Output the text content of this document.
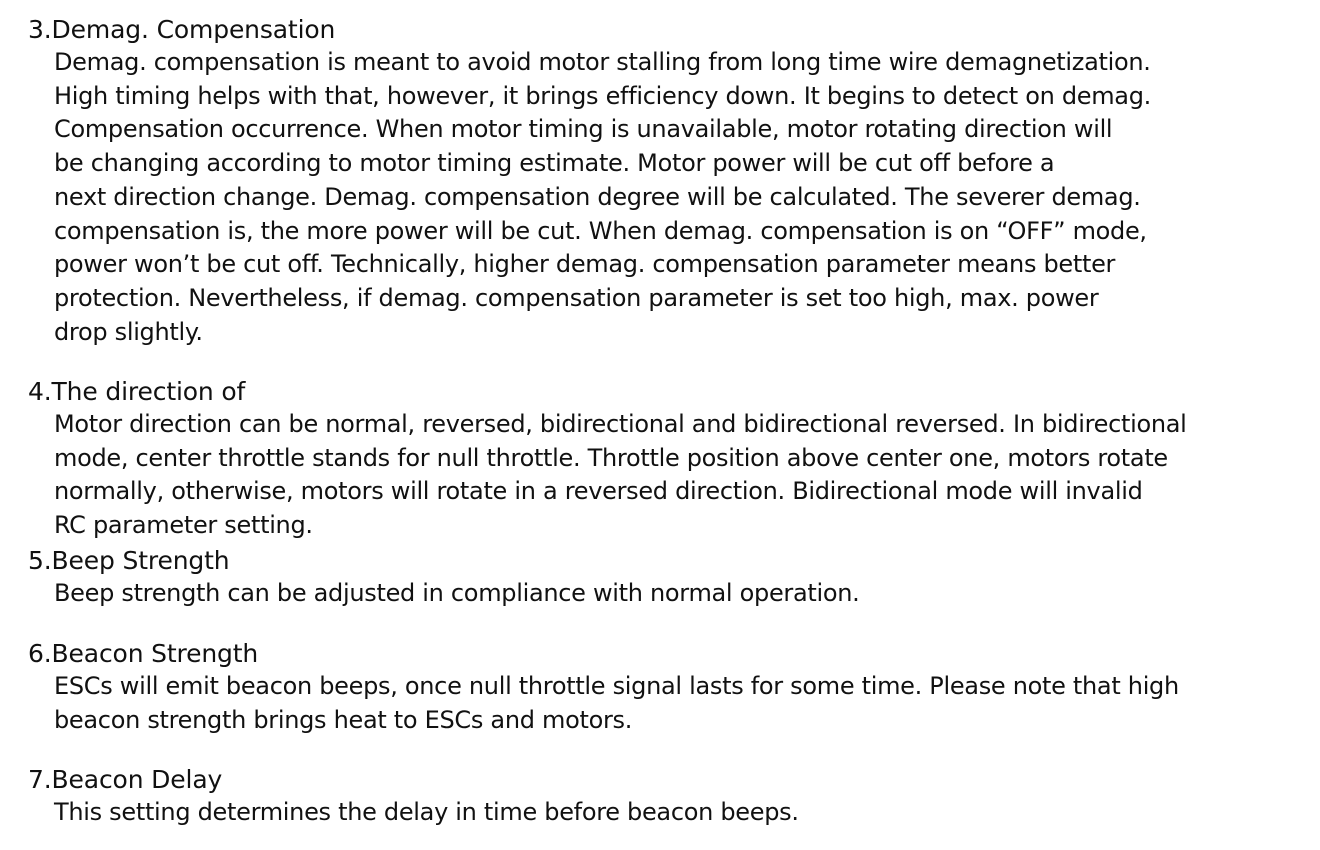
3.Demag. Compensation

Demag. compensation is meant to avoid motor stalling from long time wire demagnetization.

High timing helps with that, however, it brings efficiency down. It begins to detect on demag.

Compensation occurrence. When motor timing is unavailable, motor rotating direction will

be changing according to motor timing estimate. Motor power will be cut off before a

next direction change. Demag. compensation degree will be calculated. The severer demag.

compensation is, the more power will be cut. When demag. compensation is on “OFF” mode,

power won’t be cut off. Technically, higher demag. compensation parameter means better

protection. Nevertheless, if demag. compensation parameter is set too high, max. power

drop slightly.

4.The direction of

Motor direction can be normal, reversed, bidirectional and bidirectional reversed. In bidirectional

mode, center throttle stands for null throttle. Throttle position above center one, motors rotate

normally, otherwise, motors will rotate in a reversed direction. Bidirectional mode will invalid

RC parameter setting.

5.Beep Strength

Beep strength can be adjusted in compliance with normal operation.

6.Beacon Strength

ESCs will emit beacon beeps, once null throttle signal lasts for some time. Please note that high

beacon strength brings heat to ESCs and motors.

7.Beacon Delay

This setting determines the delay in time before beacon beeps.
